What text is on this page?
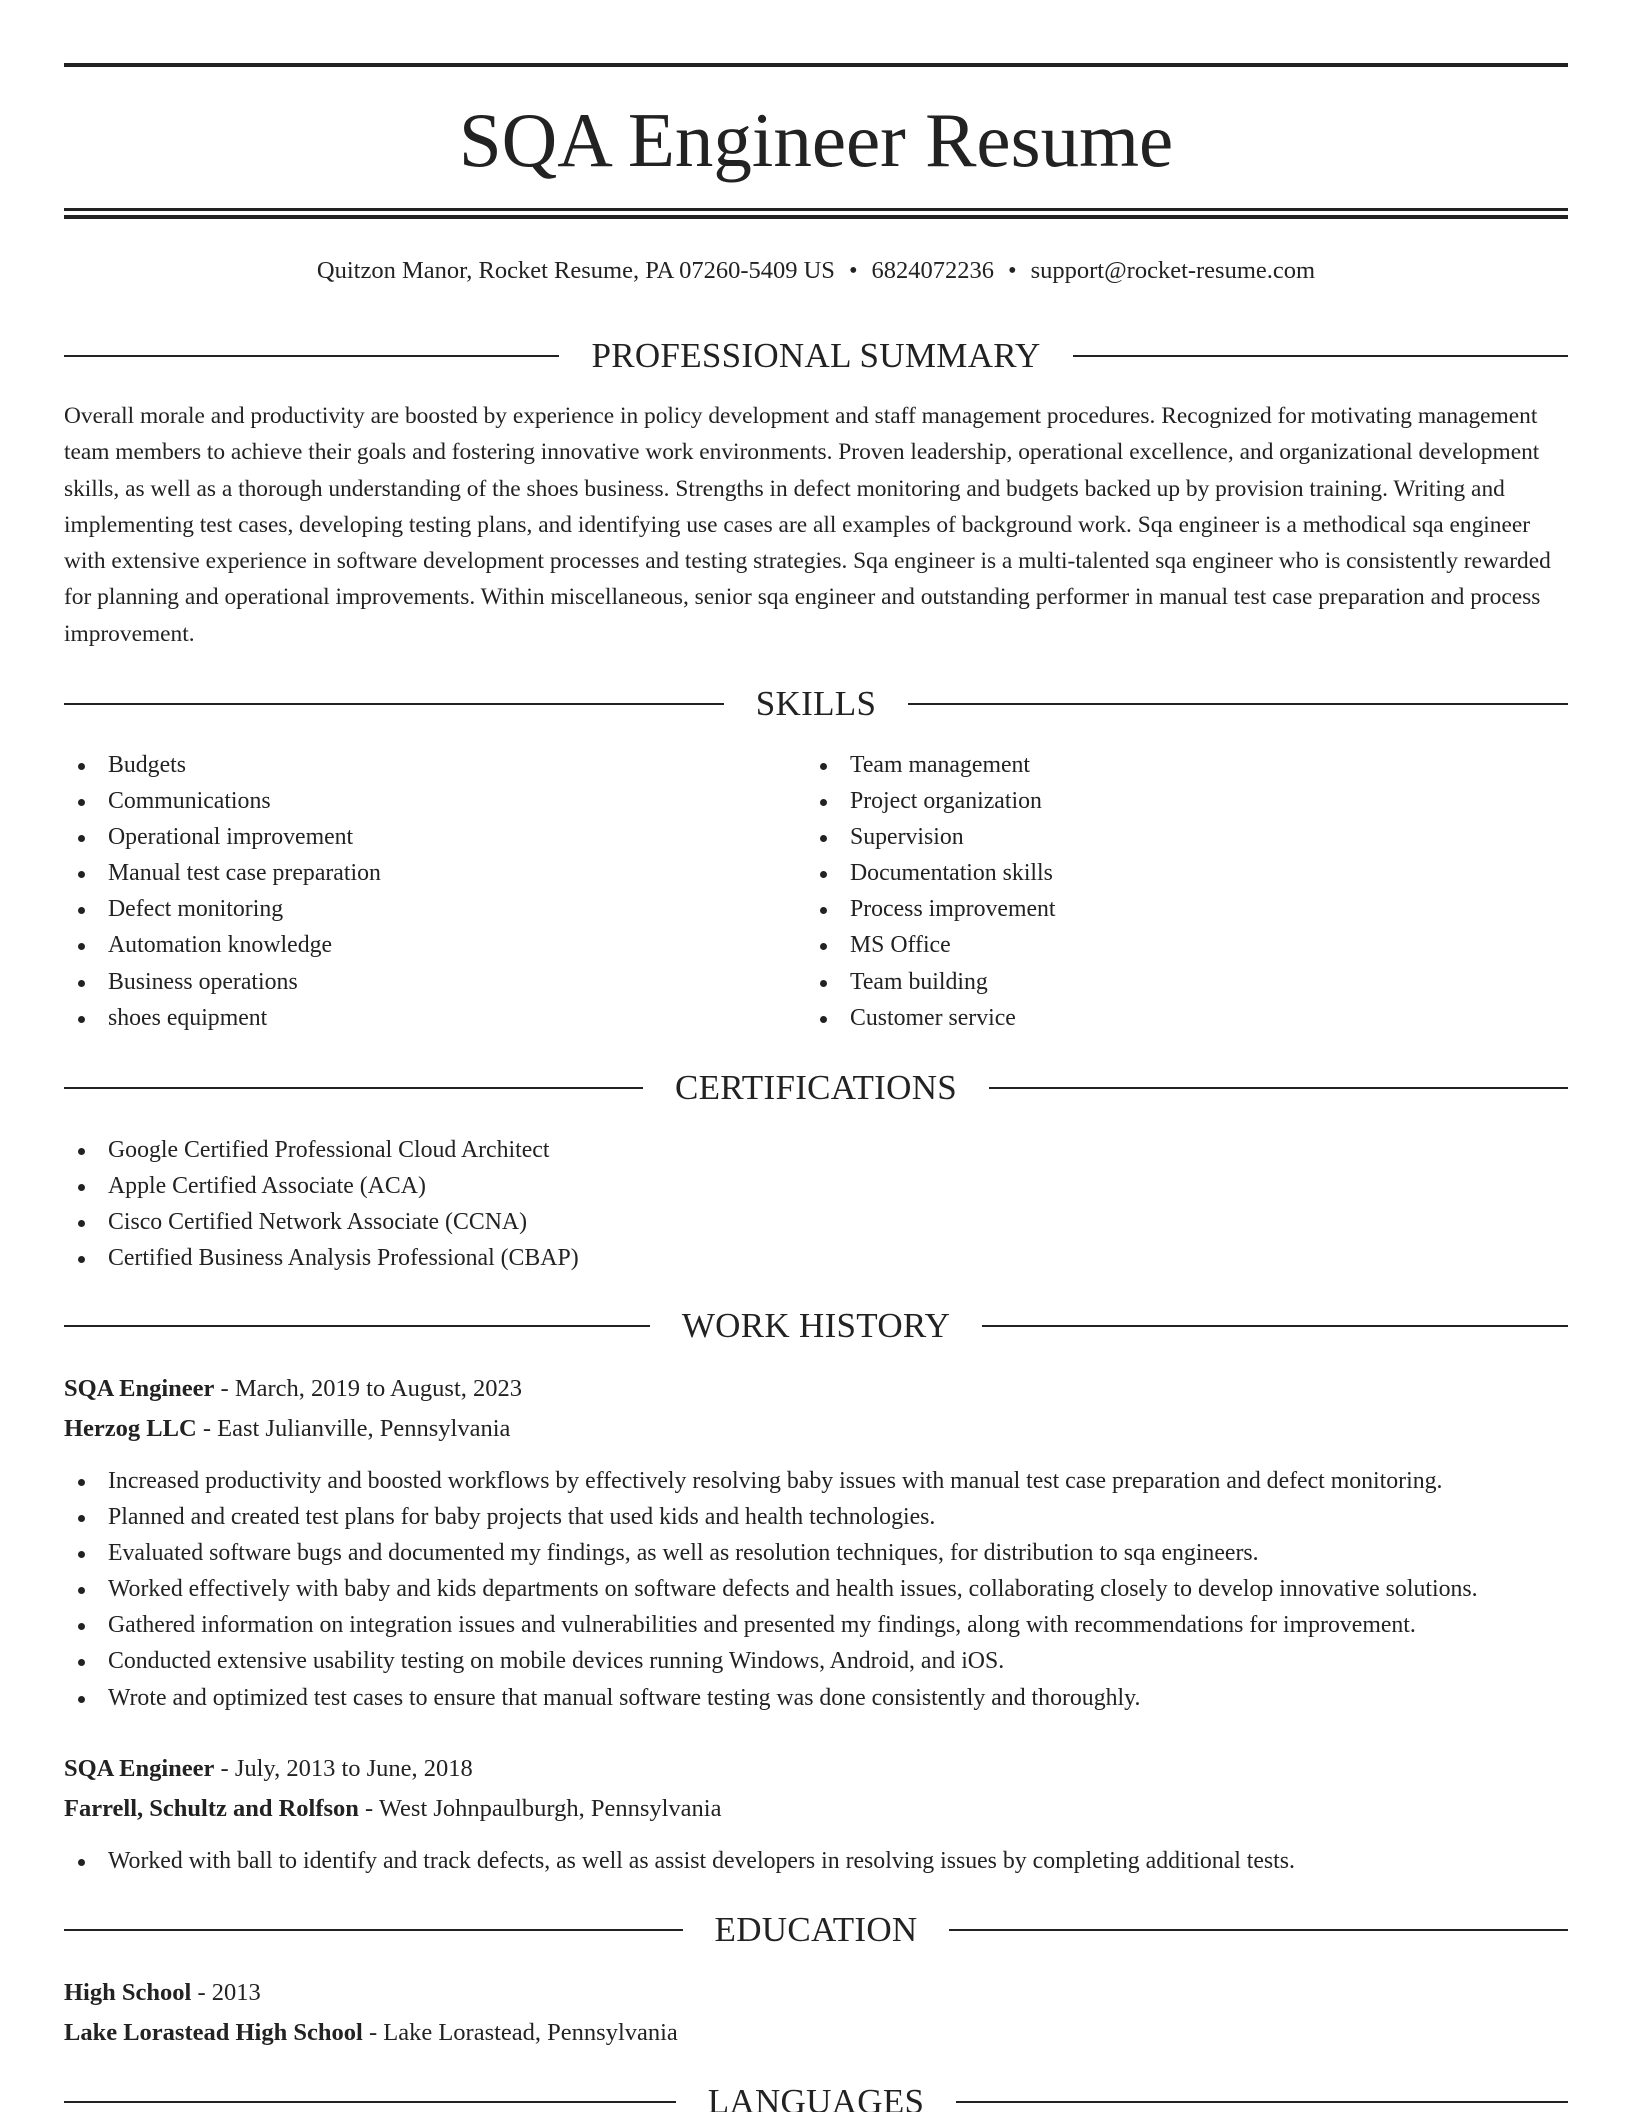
SQA Engineer Resume
Quitzon Manor, Rocket Resume, PA 07260-5409 US • 6824072236 • support@rocket-resume.com
PROFESSIONAL SUMMARY

Overall morale and productivity are boosted by experience in policy development and staff management procedures. Recognized for motivating management team members to achieve their goals and fostering innovative work environments. Proven leadership, operational excellence, and organizational development skills, as well as a thorough understanding of the shoes business. Strengths in defect monitoring and budgets backed up by provision training. Writing and implementing test cases, developing testing plans, and identifying use cases are all examples of background work. Sqa engineer is a methodical sqa engineer with extensive experience in software development processes and testing strategies. Sqa engineer is a multi-talented sqa engineer who is consistently rewarded for planning and operational improvements. Within miscellaneous, senior sqa engineer and outstanding performer in manual test case preparation and process improvement.

SKILLS
Budgets
Communications
Operational improvement
Manual test case preparation
Defect monitoring
Automation knowledge
Business operations
shoes equipment
Team management
Project organization
Supervision
Documentation skills
Process improvement
MS Office
Team building
Customer service
CERTIFICATIONS
Google Certified Professional Cloud Architect
Apple Certified Associate (ACA)
Cisco Certified Network Associate (CCNA)
Certified Business Analysis Professional (CBAP)
WORK HISTORY
SQA Engineer - March, 2019 to August, 2023
Herzog LLC - East Julianville, Pennsylvania
Increased productivity and boosted workflows by effectively resolving baby issues with manual test case preparation and defect monitoring.
Planned and created test plans for baby projects that used kids and health technologies.
Evaluated software bugs and documented my findings, as well as resolution techniques, for distribution to sqa engineers.
Worked effectively with baby and kids departments on software defects and health issues, collaborating closely to develop innovative solutions.
Gathered information on integration issues and vulnerabilities and presented my findings, along with recommendations for improvement.
Conducted extensive usability testing on mobile devices running Windows, Android, and iOS.
Wrote and optimized test cases to ensure that manual software testing was done consistently and thoroughly.
SQA Engineer - July, 2013 to June, 2018
Farrell, Schultz and Rolfson - West Johnpaulburgh, Pennsylvania
Worked with ball to identify and track defects, as well as assist developers in resolving issues by completing additional tests.
EDUCATION
High School - 2013
Lake Lorastead High School - Lake Lorastead, Pennsylvania
LANGUAGES
